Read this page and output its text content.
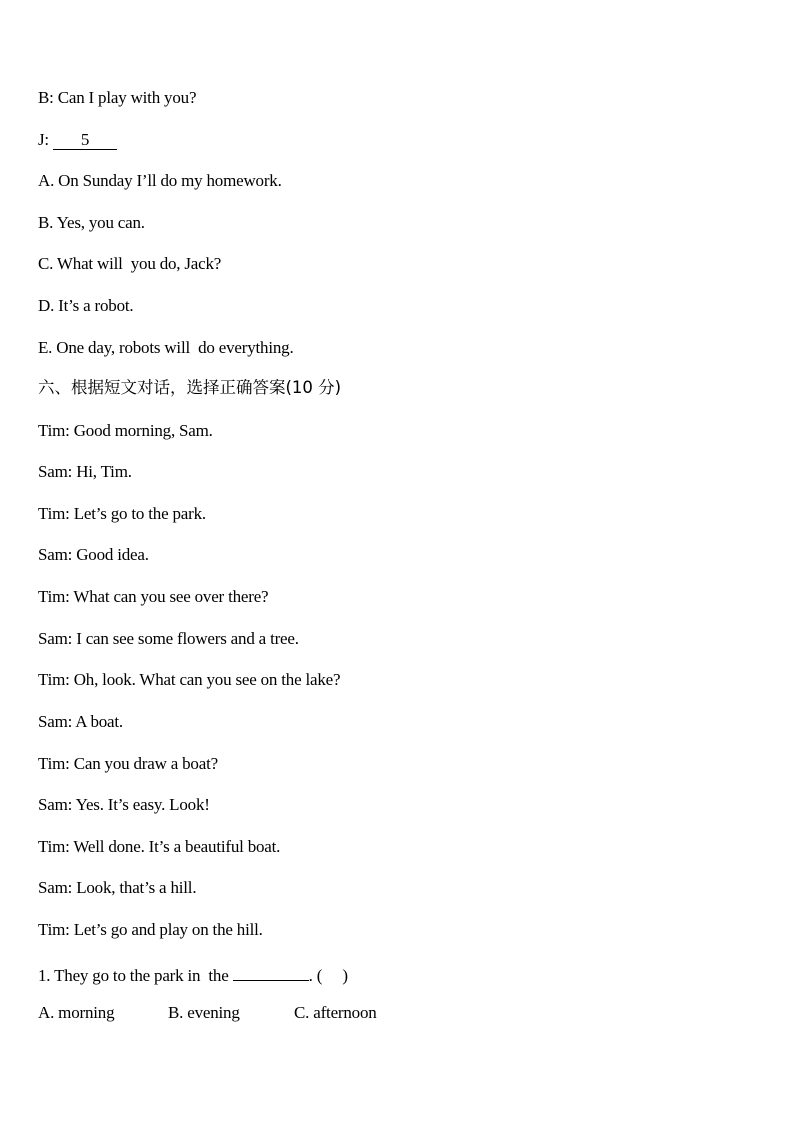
B: Can I play with you?
J: 5
A. On Sunday I’ll do my homework.
B. Yes, you can.
C. What will  you do, Jack?
D. It’s a robot.
E. One day, robots will  do everything.
六、根据短文对话，选择正确答案(10 分)
Tim: Good morning, Sam.
Sam: Hi, Tim.
Tim: Let’s go to the park.
Sam: Good idea.
Tim: What can you see over there?
Sam: I can see some flowers and a tree.
Tim: Oh, look. What can you see on the lake?
Sam: A boat.
Tim: Can you draw a boat?
Sam: Yes. It’s easy. Look!
Tim: Well done. It’s a beautiful boat.
Sam: Look, that’s a hill.
Tim: Let’s go and play on the hill.
1. They go to the park in  the	. (     )
A. morning	B. evening	C. afternoon
